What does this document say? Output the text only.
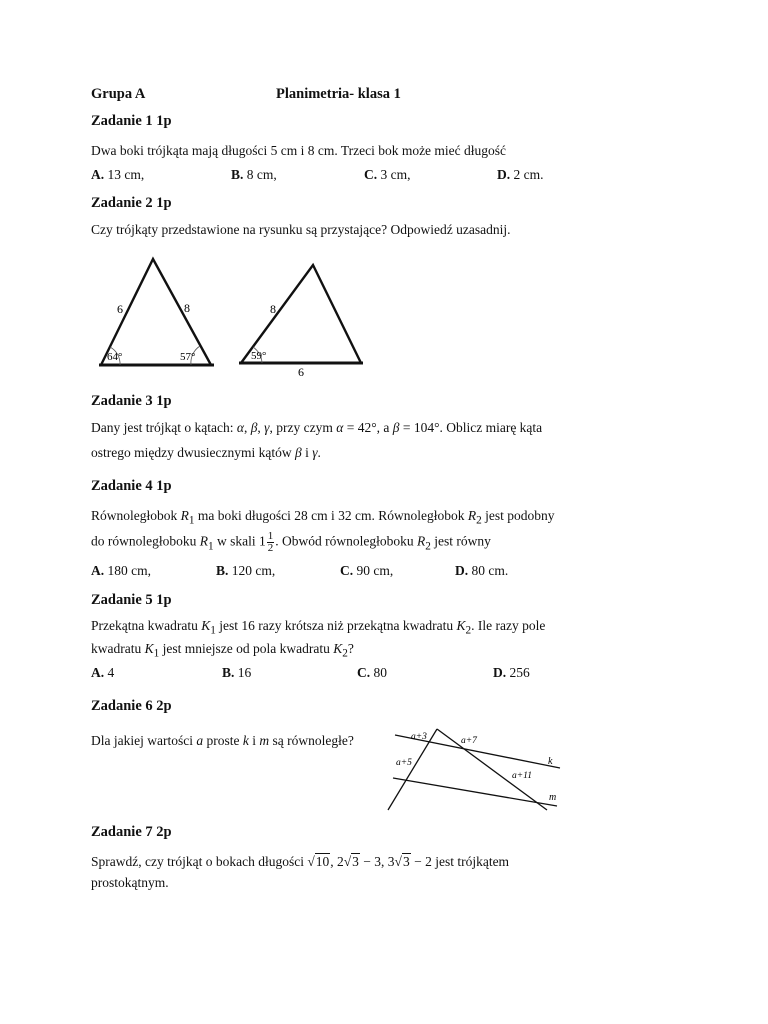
Grupa A	Planimetria- klasa 1
Zadanie 1 1p
Dwa boki trójkąta mają długości 5 cm i 8 cm. Trzeci bok może mieć długość
A. 13 cm,	B. 8 cm,	C. 3 cm,	D. 2 cm.
Zadanie 2 1p
Czy trójkąty przedstawione na rysunku są przystające? Odpowiedź uzasadnij.
6	8
64°	57°
8
6
59°
Zadanie 3 1p
Dany jest trójkąt o kątach: α, β, γ, przy czym α = 42°, a β = 104°. Oblicz miarę kąta
ostrego między dwusiecznymi kątów β i γ.
Zadanie 4 1p
Równoległobok $R_1$ ma boki długości 28 cm i 32 cm. Równoległobok $R_2$ jest podobny
do równoległoboku $R_1$ w skali $1 \frac{1}{2}$ . Obwód równoległoboku $R_2$ jest równy
A. 180 cm,	B. 120 cm,	C. 90 cm,	D. 80 cm.
Zadanie 5 1p
Przekątna kwadratu $K_1$ jest 16 razy krótsza niż przekątna kwadratu $K_2$. Ile razy pole
kwadratu $K_1$ jest mniejsze od pola kwadratu $K_2$?
A. 4	B. 16	C. 80	D. 256
Zadanie 6 2p
Dla jakiej wartości a proste k i m są równoległe?	a+3	a+7
a+5
a+11
k
m
Zadanie 7 2p
Sprawdź, czy trójkąt o bokach długości √10, 2√3 − 3, 3√3 − 2 jest trójkątem
prostokątnym.
